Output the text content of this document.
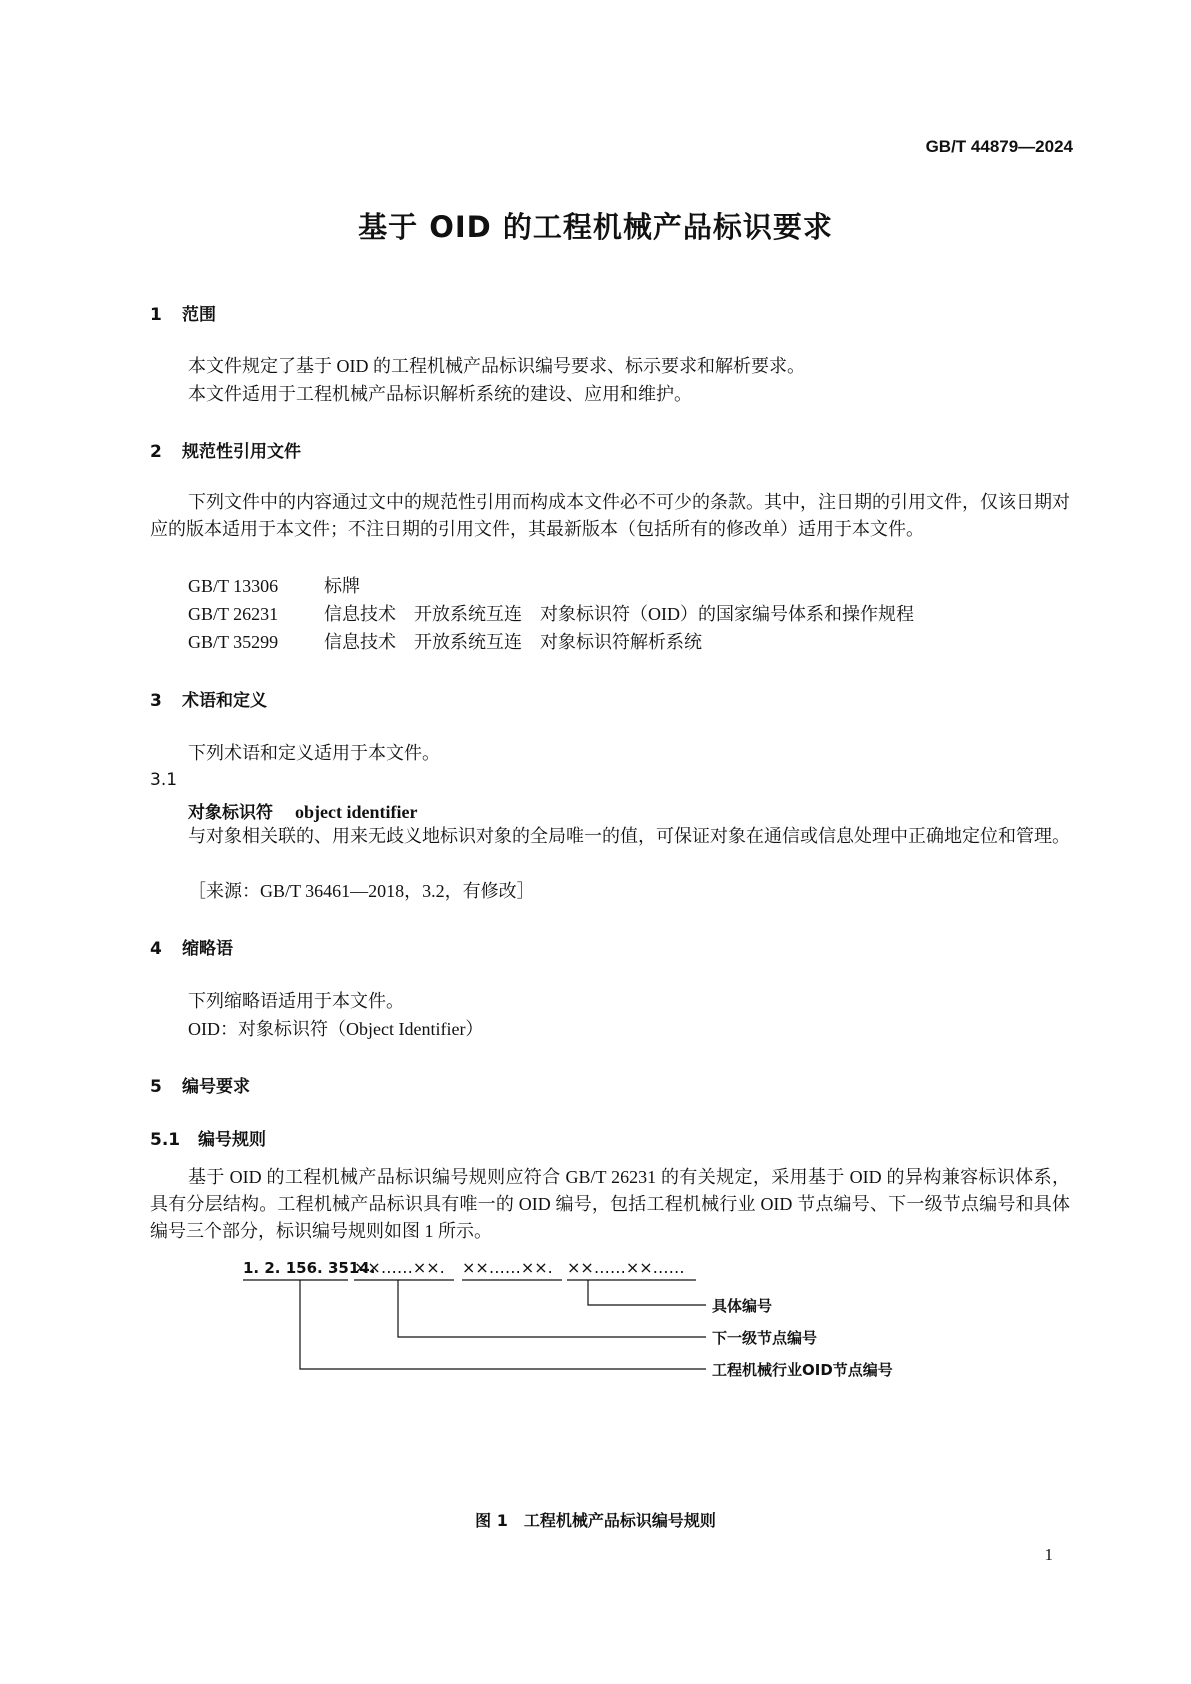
GB/T 44879—2024
基于 OID 的工程机械产品标识要求
1 范围
本文件规定了基于 OID 的工程机械产品标识编号要求、标示要求和解析要求。
本文件适用于工程机械产品标识解析系统的建设、应用和维护。
2 规范性引用文件
下列文件中的内容通过文中的规范性引用而构成本文件必不可少的条款。其中，注日期的引用文件，仅该日期对应的版本适用于本文件；不注日期的引用文件，其最新版本（包括所有的修改单）适用于本文件。
GB/T 13306	标牌
GB/T 26231	信息技术　开放系统互连　对象标识符（OID）的国家编号体系和操作规程
GB/T 35299	信息技术　开放系统互连　对象标识符解析系统
3 术语和定义
下列术语和定义适用于本文件。
3.1
对象标识符 object identifier
与对象相关联的、用来无歧义地标识对象的全局唯一的值，可保证对象在通信或信息处理中正确地定位和管理。
［来源：GB/T 36461—2018，3.2，有修改］
4 缩略语
下列缩略语适用于本文件。
OID：对象标识符（Object Identifier）
5 编号要求
5.1 编号规则
基于 OID 的工程机械产品标识编号规则应符合 GB/T 26231 的有关规定，采用基于 OID 的异构兼容标识体系，具有分层结构。工程机械产品标识具有唯一的 OID 编号，包括工程机械行业 OID 节点编号、下一级节点编号和具体编号三个部分，标识编号规则如图 1 所示。
1. 2. 156. 3514.
××……××. ××……××. ××……××……
具体编号
下一级节点编号
工程机械行业OID节点编号
图 1　工程机械产品标识编号规则
1
